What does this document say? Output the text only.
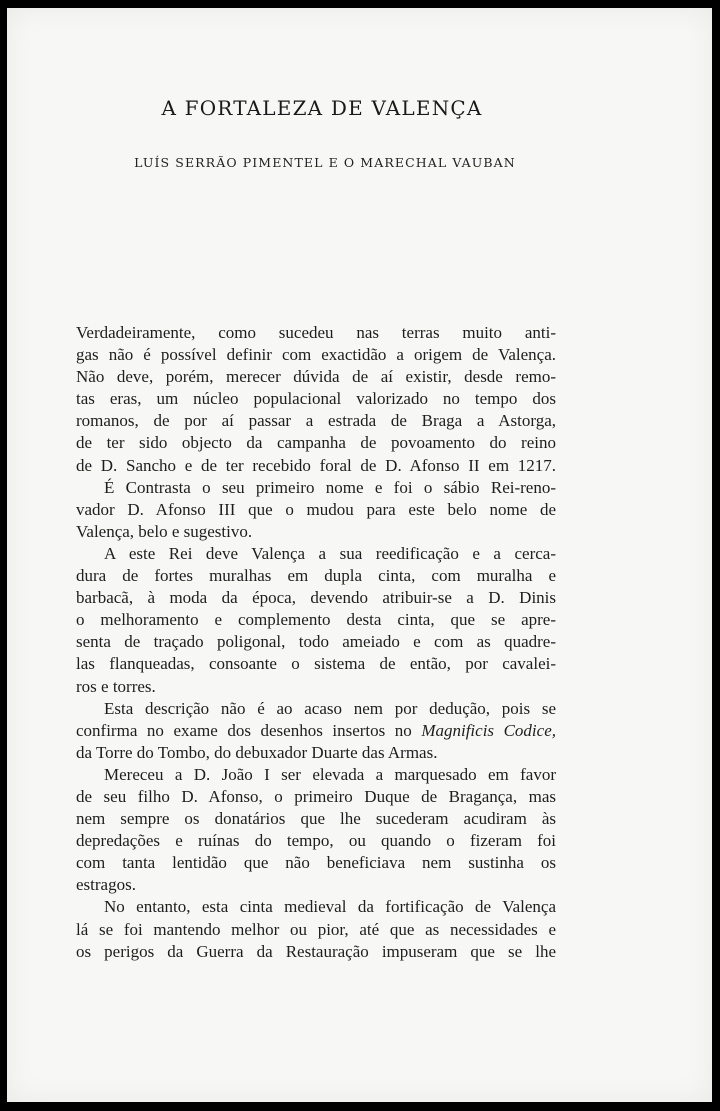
A FORTALEZA DE VALENÇA
LUÍS SERRÃO PIMENTEL E O MARECHAL VAUBAN

Verdadeiramente, como sucedeu nas terras muito anti-
gas não é possível definir com exactidão a origem de Valença.
Não deve, porém, merecer dúvida de aí existir, desde remo-
tas eras, um núcleo populacional valorizado no tempo dos
romanos, de por aí passar a estrada de Braga a Astorga,
de ter sido objecto da campanha de povoamento do reino
de D. Sancho e de ter recebido foral de D. Afonso II em 1217.

É Contrasta o seu primeiro nome e foi o sábio Rei-reno-
vador D. Afonso III que o mudou para este belo nome de
Valença, belo e sugestivo.

A este Rei deve Valença a sua reedificação e a cerca-
dura de fortes muralhas em dupla cinta, com muralha e
barbacã, à moda da época, devendo atribuir-se a D. Dinis
o melhoramento e complemento desta cinta, que se apre-
senta de traçado poligonal, todo ameiado e com as quadre-
las flanqueadas, consoante o sistema de então, por cavalei-
ros e torres.

Esta descrição não é ao acaso nem por dedução, pois se
confirma no exame dos desenhos insertos no Magnificis Codice,
da Torre do Tombo, do debuxador Duarte das Armas.

Mereceu a D. João I ser elevada a marquesado em favor
de seu filho D. Afonso, o primeiro Duque de Bragança, mas
nem sempre os donatários que lhe sucederam acudiram às
depredações e ruínas do tempo, ou quando o fizeram foi
com tanta lentidão que não beneficiava nem sustinha os
estragos.

No entanto, esta cinta medieval da fortificação de Valença
lá se foi mantendo melhor ou pior, até que as necessidades e
os perigos da Guerra da Restauração impuseram que se lhe
